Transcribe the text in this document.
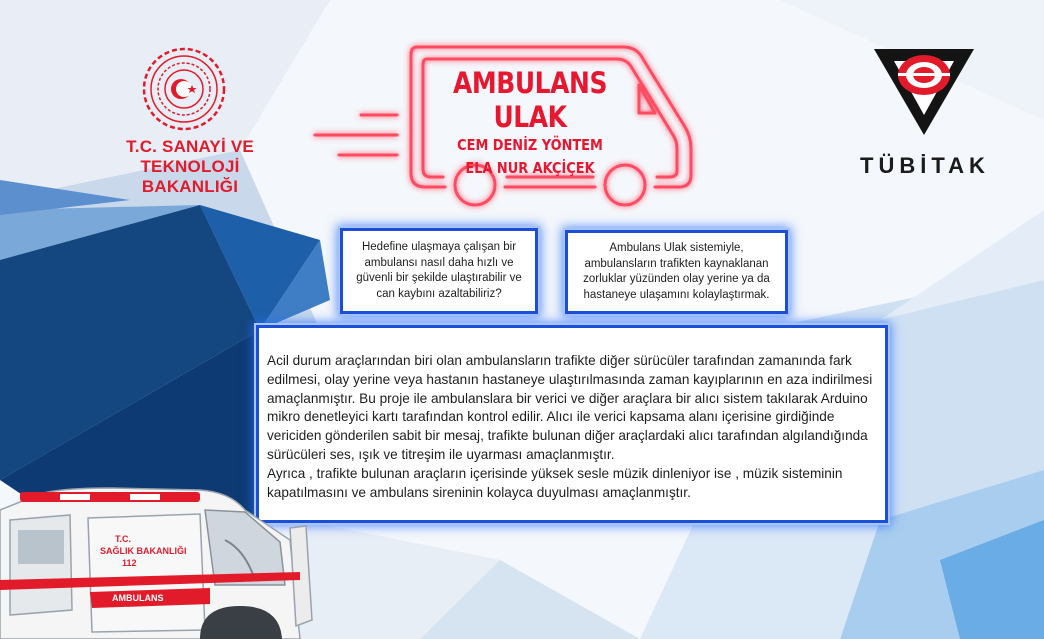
T.C. SANAYİ VE
TEKNOLOJİ BAKANLIĞI
TÜBİTAK
AMBULANS ULAK
CEM DENİZ YÖNTEM
ELA NUR AKÇİÇEK
Hedefine ulaşmaya çalışan bir ambulansı nasıl daha hızlı ve güvenli bir şekilde ulaştırabilir ve can kaybını azaltabiliriz?
Ambulans Ulak sistemiyle, ambulansların trafikten kaynaklanan zorluklar yüzünden olay yerine ya da hastaneye ulaşamını kolaylaştırmak.

Acil durum araçlarından biri olan ambulansların trafikte diğer sürücüler tarafından zamanında fark edilmesi, olay yerine veya hastanın hastaneye ulaştırılmasında zaman kayıplarının en aza indirilmesi amaçlanmıştır. Bu proje ile ambulanslara bir verici ve diğer araçlara bir alıcı sistem takılarak Arduino mikro denetleyici kartı tarafından kontrol edilir. Alıcı ile verici kapsama alanı içerisine girdiğinde vericiden gönderilen sabit bir mesaj, trafikte bulunan diğer araçlardaki alıcı tarafından algılandığında sürücüleri ses, ışık ve titreşim ile uyarması amaçlanmıştır.

Ayrıca , trafikte bulunan araçların içerisinde yüksek sesle müzik dinleniyor ise , müzik sisteminin kapatılmasını ve ambulans sireninin kolayca duyulması amaçlanmıştır.

T.C.
SAĞLIK BAKANLIĞI
112
AMBULANS
